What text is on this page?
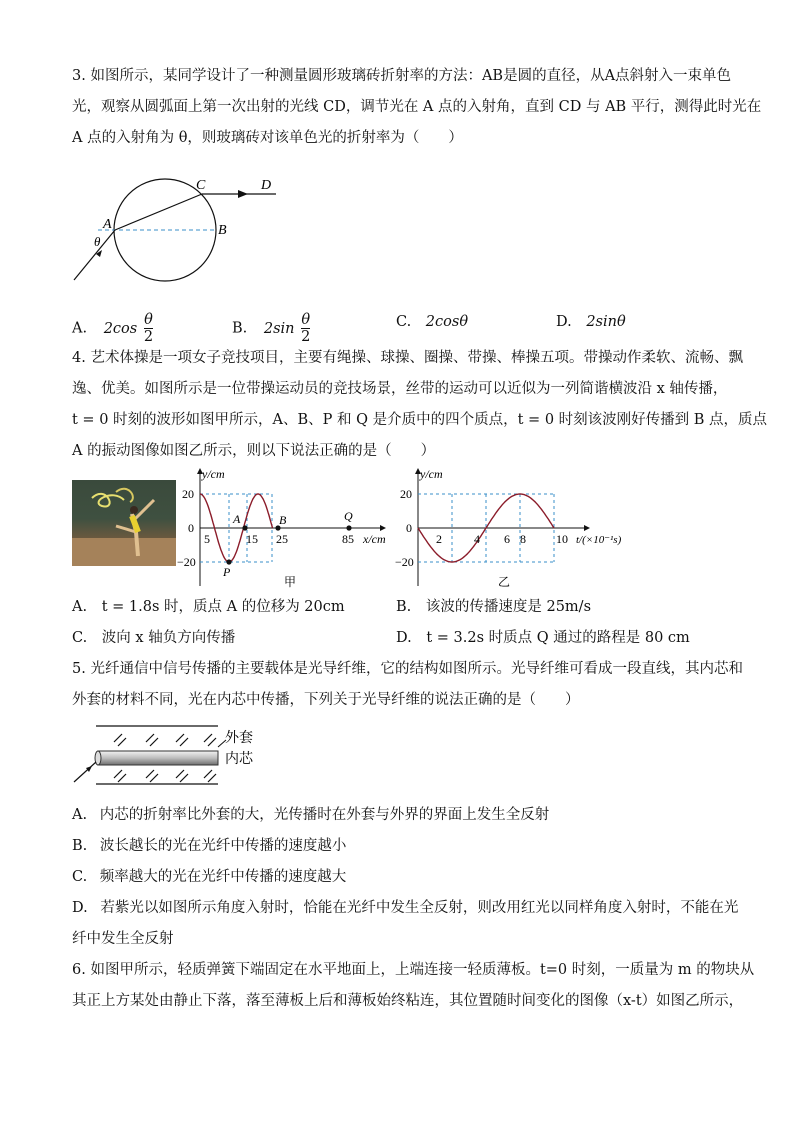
3. 如图所示，某同学设计了一种测量圆形玻璃砖折射率的方法：AB是圆的直径，从A点斜射入一束单色
光，观察从圆弧面上第一次出射的光线 CD，调节光在 A 点的入射角，直到 CD 与 AB 平行，测得此时光在
A 点的入射角为 θ，则玻璃砖对该单色光的折射率为（　　）
A
θ
B
C	D
A. $2\cos \frac{\theta}{2}$	B. $2\sin \frac{\theta}{2}$	C. 2cosθ	D. 2sinθ
4. 艺术体操是一项女子竞技项目，主要有绳操、球操、圈操、带操、棒操五项。带操动作柔软、流畅、飘
逸、优美。如图所示是一位带操运动员的竞技场景，丝带的运动可以近似为一列简谐横波沿 x 轴传播，
t = 0 时刻的波形如图甲所示，A、B、P 和 Q 是介质中的四个质点，t = 0 时刻该波刚好传播到 B 点，质点
A 的振动图像如图乙所示，则以下说法正确的是（　　）
y/cm
20
0
−20
5	15 25	85 x/cm
A	B
P
Q
甲
y/cm
20
0
−20
2	4 6 8	10 t/(×10⁻¹s)
乙
A. t = 1.8s 时，质点 A 的位移为 20cm	B. 该波的传播速度是 25m/s
C. 波向 x 轴负方向传播	D. t = 3.2s 时质点 Q 通过的路程是 80 cm
5. 光纤通信中信号传播的主要载体是光导纤维，它的结构如图所示。光导纤维可看成一段直线，其内芯和
外套的材料不同，光在内芯中传播，下列关于光导纤维的说法正确的是（　　）
外套
内芯
A. 内芯的折射率比外套的大，光传播时在外套与外界的界面上发生全反射
B. 波长越长的光在光纤中传播的速度越小
C. 频率越大的光在光纤中传播的速度越大
D. 若紫光以如图所示角度入射时，恰能在光纤中发生全反射，则改用红光以同样角度入射时，不能在光
纤中发生全反射
6. 如图甲所示，轻质弹簧下端固定在水平地面上，上端连接一轻质薄板。t=0 时刻，一质量为 m 的物块从
其正上方某处由静止下落，落至薄板上后和薄板始终粘连，其位置随时间变化的图像（x-t）如图乙所示，
